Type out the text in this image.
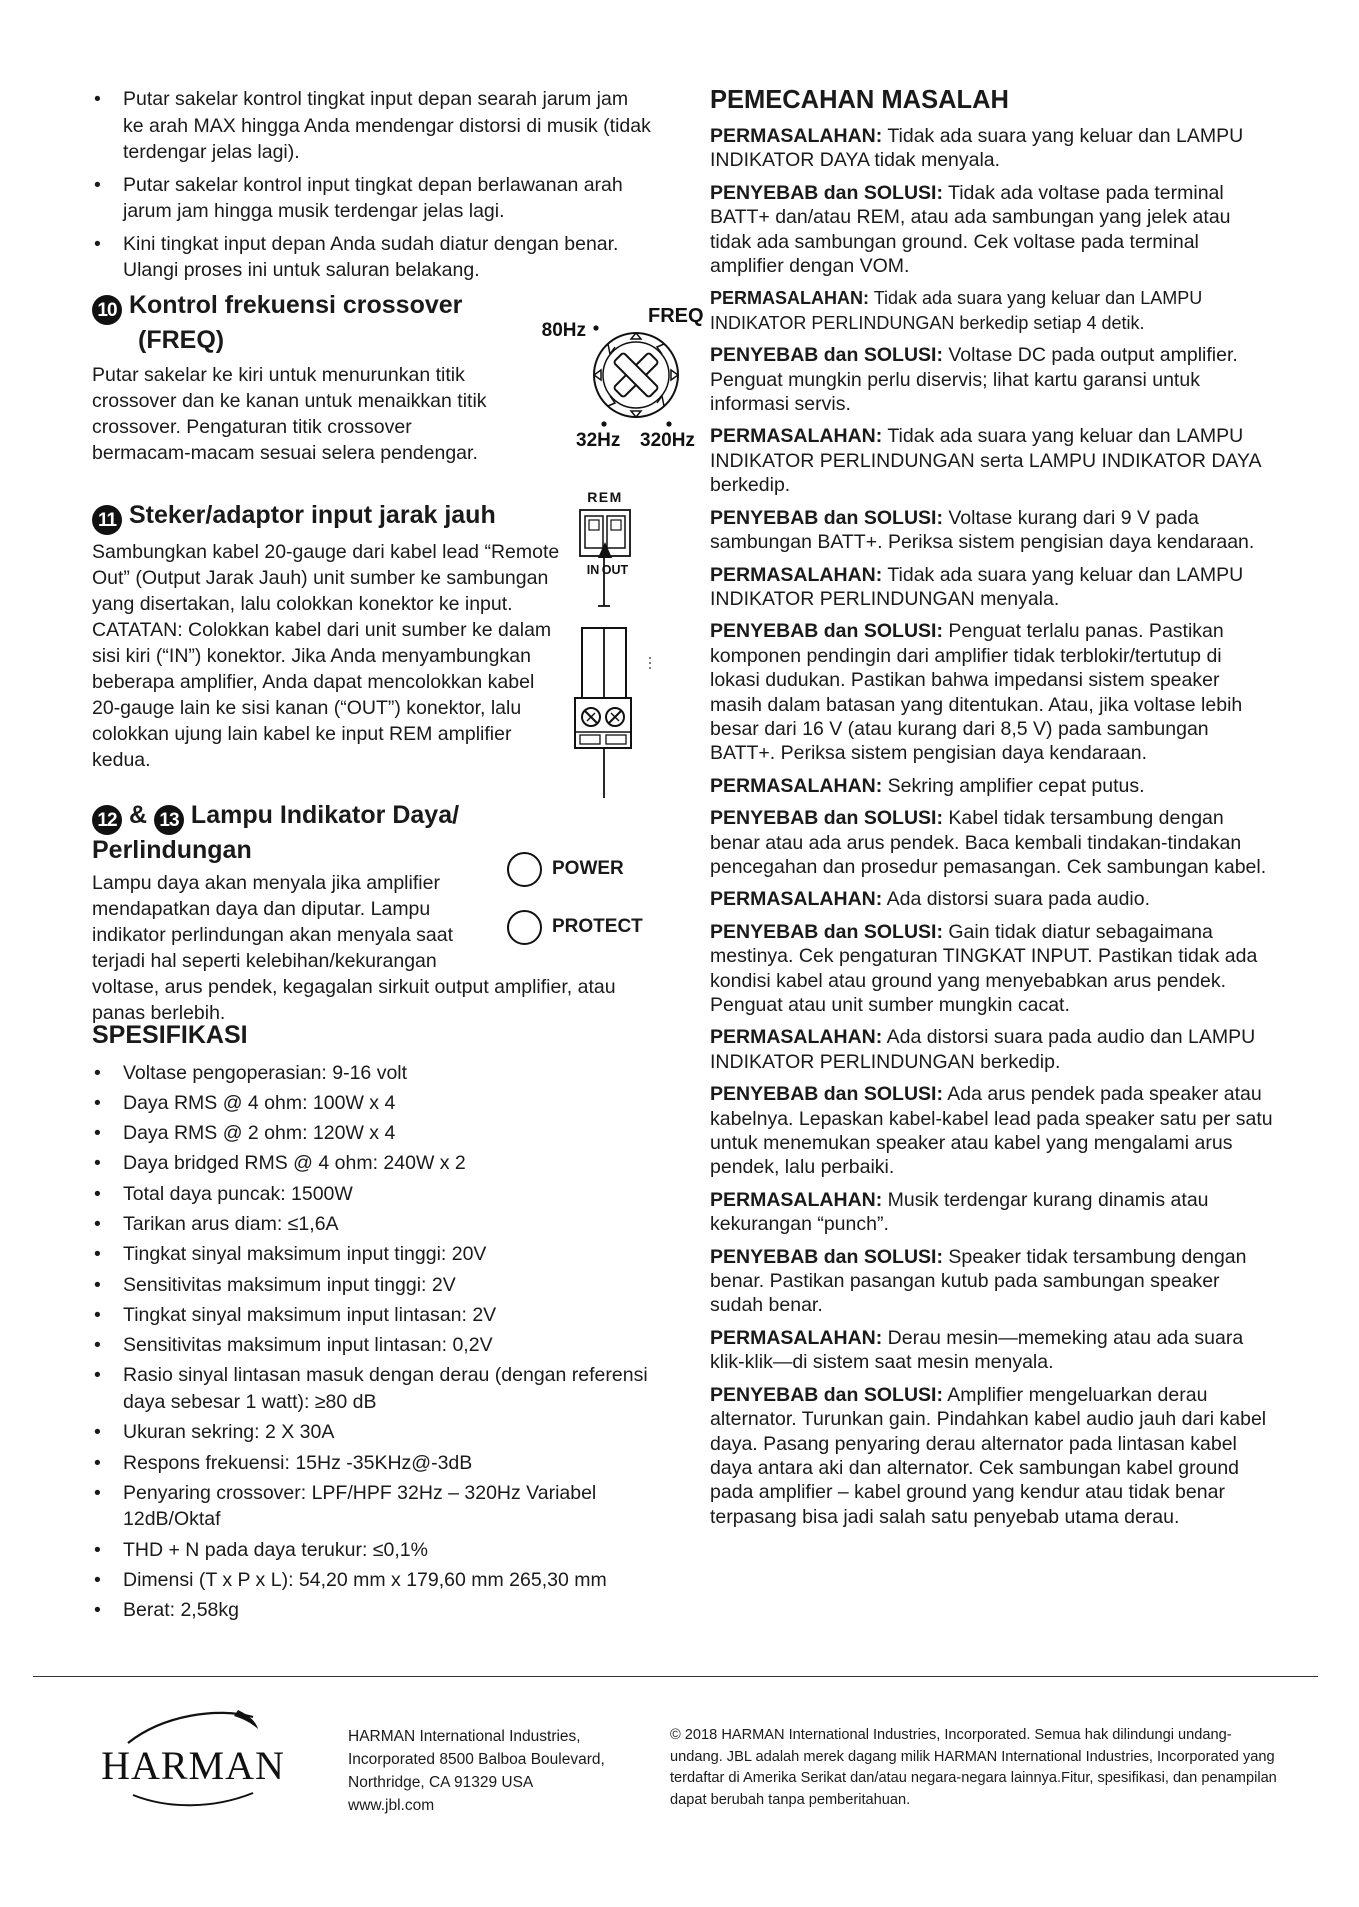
• Putar sakelar kontrol tingkat input depan searah jarum jam ke arah MAX hingga Anda mendengar distorsi di musik (tidak terdengar jelas lagi).
• Putar sakelar kontrol input tingkat depan berlawanan arah jarum jam hingga musik terdengar jelas lagi.
• Kini tingkat input depan Anda sudah diatur dengan benar. Ulangi proses ini untuk saluran belakang.
10 Kontrol frekuensi crossover
(FREQ)
Putar sakelar ke kiri untuk menurunkan titik crossover dan ke kanan untuk menaikkan titik crossover. Pengaturan titik crossover bermacam-macam sesuai selera pendengar.
FREQ
80Hz
32Hz 320Hz
11 Steker/adaptor input jarak jauh
Sambungkan kabel 20-gauge dari kabel lead “Remote Out” (Output Jarak Jauh) unit sumber ke sambungan yang disertakan, lalu colokkan konektor ke input. CATATAN: Colokkan kabel dari unit sumber ke dalam sisi kiri (“IN”) konektor. Jika Anda menyambungkan beberapa amplifier, Anda dapat mencolokkan kabel 20-gauge lain ke sisi kanan (“OUT”) konektor, lalu colokkan ujung lain kabel ke input REM amplifier kedua.
REM
IN OUT
12 & 13 Lampu Indikator Daya/
Perlindungan
Lampu daya akan menyala jika amplifier mendapatkan daya dan diputar. Lampu indikator perlindungan akan menyala saat terjadi hal seperti kelebihan/kekurangan
voltase, arus pendek, kegagalan sirkuit output amplifier, atau panas berlebih.
POWER
PROTECT
SPESIFIKASI
• Voltase pengoperasian: 9-16 volt
• Daya RMS @ 4 ohm: 100W x 4
• Daya RMS @ 2 ohm: 120W x 4
• Daya bridged RMS @ 4 ohm: 240W x 2
• Total daya puncak: 1500W
• Tarikan arus diam: ≤1,6A
• Tingkat sinyal maksimum input tinggi: 20V
• Sensitivitas maksimum input tinggi: 2V
• Tingkat sinyal maksimum input lintasan: 2V
• Sensitivitas maksimum input lintasan: 0,2V
• Rasio sinyal lintasan masuk dengan derau (dengan referensi daya sebesar 1 watt): ≥80 dB
• Ukuran sekring: 2 X 30A
• Respons frekuensi: 15Hz -35KHz@-3dB
• Penyaring crossover: LPF/HPF 32Hz – 320Hz Variabel 12dB/Oktaf
• THD + N pada daya terukur: ≤0,1%
• Dimensi (T x P x L): 54,20 mm x 179,60 mm 265,30 mm
• Berat: 2,58kg
PEMECAHAN MASALAH
PERMASALAHAN: Tidak ada suara yang keluar dan LAMPU INDIKATOR DAYA tidak menyala.
PENYEBAB dan SOLUSI: Tidak ada voltase pada terminal BATT+ dan/atau REM, atau ada sambungan yang jelek atau tidak ada sambungan ground. Cek voltase pada terminal amplifier dengan VOM.
PERMASALAHAN: Tidak ada suara yang keluar dan LAMPU INDIKATOR PERLINDUNGAN berkedip setiap 4 detik.
PENYEBAB dan SOLUSI: Voltase DC pada output amplifier. Penguat mungkin perlu diservis; lihat kartu garansi untuk informasi servis.
PERMASALAHAN: Tidak ada suara yang keluar dan LAMPU INDIKATOR PERLINDUNGAN serta LAMPU INDIKATOR DAYA berkedip.
PENYEBAB dan SOLUSI: Voltase kurang dari 9 V pada sambungan BATT+. Periksa sistem pengisian daya kendaraan.
PERMASALAHAN: Tidak ada suara yang keluar dan LAMPU INDIKATOR PERLINDUNGAN menyala.
PENYEBAB dan SOLUSI: Penguat terlalu panas. Pastikan komponen pendingin dari amplifier tidak terblokir/tertutup di lokasi dudukan. Pastikan bahwa impedansi sistem speaker masih dalam batasan yang ditentukan. Atau, jika voltase lebih besar dari 16 V (atau kurang dari 8,5 V) pada sambungan BATT+. Periksa sistem pengisian daya kendaraan.
PERMASALAHAN: Sekring amplifier cepat putus.
PENYEBAB dan SOLUSI: Kabel tidak tersambung dengan benar atau ada arus pendek. Baca kembali tindakan-tindakan pencegahan dan prosedur pemasangan. Cek sambungan kabel.
PERMASALAHAN: Ada distorsi suara pada audio.
PENYEBAB dan SOLUSI: Gain tidak diatur sebagaimana mestinya. Cek pengaturan TINGKAT INPUT. Pastikan tidak ada kondisi kabel atau ground yang menyebabkan arus pendek. Penguat atau unit sumber mungkin cacat.
PERMASALAHAN: Ada distorsi suara pada audio dan LAMPU INDIKATOR PERLINDUNGAN berkedip.
PENYEBAB dan SOLUSI: Ada arus pendek pada speaker atau kabelnya. Lepaskan kabel-kabel lead pada speaker satu per satu untuk menemukan speaker atau kabel yang mengalami arus pendek, lalu perbaiki.
PERMASALAHAN: Musik terdengar kurang dinamis atau kekurangan “punch”.
PENYEBAB dan SOLUSI: Speaker tidak tersambung dengan benar. Pastikan pasangan kutub pada sambungan speaker sudah benar.
PERMASALAHAN: Derau mesin—memeking atau ada suara klik-klik—di sistem saat mesin menyala.
PENYEBAB dan SOLUSI: Amplifier mengeluarkan derau alternator. Turunkan gain. Pindahkan kabel audio jauh dari kabel daya. Pasang penyaring derau alternator pada lintasan kabel daya antara aki dan alternator. Cek sambungan kabel ground pada amplifier – kabel ground yang kendur atau tidak benar terpasang bisa jadi salah satu penyebab utama derau.
HARMAN
HARMAN International Industries,
Incorporated 8500 Balboa Boulevard,
Northridge, CA 91329 USA
www.jbl.com
© 2018 HARMAN International Industries, Incorporated. Semua hak dilindungi undang-undang. JBL adalah merek dagang milik HARMAN International Industries, Incorporated yang terdaftar di Amerika Serikat dan/atau negara-negara lainnya.Fitur, spesifikasi, dan penampilan dapat berubah tanpa pemberitahuan.
